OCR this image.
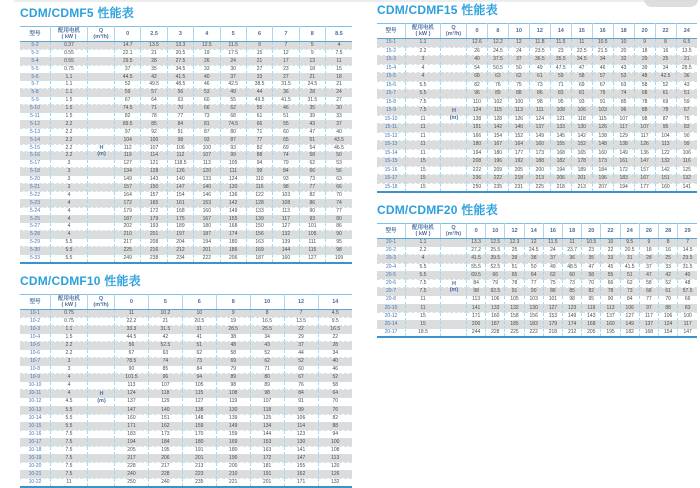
CDM/CDMF5 性能表
型号	配用电机
( kW )	Q
(m³/h)	0	2.5	3	4	5	6	7	8	8.5

5-2	0.37		14.7	13.5	13.3	12.5	11.5	9	7	5	4
5-3	0.55		22.1	21	20.5	19	17.5	15	12	9	7.5
5-4	0.55		29.5	28	27.5	26	24	21	17	13	11
5-5	0.75		37	35	34.5	33	30	27	23	18	15
5-6	1.1		44.5	42	41.5	40	37	33	27	21	18
5-7	1.1		52	49.5	48.5	46	42.5	38.5	31.5	24.5	21
5-8	1.1		59	57	56	53	49	44	36	28	24
5-9	1.5		67	64	63	60	55	49.5	41.5	31.5	27
5-10	1.5		74.5	71	70	66	62	55	46	35	30
5-11	1.5		82	78	77	73	68	61	51	39	33
5-12	2.2		89.5	85	84	81	74.5	66	55	43	37
5-13	2.2		97	92	91	87	80	71	60	47	40
5-14	2.2		104	100	98	93	87	77	65	51	43.5
5-15	2.2		112	107	106	100	93	82	69	54	46.5
5-16	2.2		119	114	112	107	99	88	74	58	50
5-17	3		127	121	118.5	113	105	94	79	62	53
5-18	3		134	128	126	120	111	99	84	66	56
5-20	3		149	143	140	133	124	110	93	73	63
5-21	3		157	150	147	140	130	116	98	77	66
5-22	4		164	157	154	146	136	122	103	82	70
5-23	4		172	165	161	153	142	128	108	86	74
5-24	4		179	172	168	160	149	133	113	90	77
5-25	4		187	179	175	167	155	139	117	93	80
5-27	4		202	193	189	180	168	150	127	101	86
5-28	4		210	201	197	187	174	156	132	105	90
5-29	5.5		217	208	204	194	180	163	139	111	95
5-30	5.5		225	216	212	201	186	169	144	115	98
5-33	5.5		249	238	234	222	206	187	160	127	109
H
(m)
CDM/CDMF10 性能表
型号	配用电机
( kW )	Q
(m³/h)	0	5	6	8	10	12	14

10-1	0.75		11	10.2	10	9	8	7	4.5
10-2	0.75		22.2	21	20.5	19	16.5	13.5	9.5
10-3	1.1		33.3	31.5	31	28.5	25.5	22	16.5
10-4	1.5		44.5	42	41	38	34	29	22
10-5	2.2		56	52.5	51	48	43	37	28
10-6	2.2		67	63	62	58	52	44	34
10-7	3		78.5	74	73	69	62	52	40
10-8	3		90	85	84	79	71	60	46
10-9	4		101.5	96	94	89	80	67	52
10-10	4		113	107	105	98	89	76	58
10-11	4		124	118	115	108	98	84	64
10-12	4.5		137	129	127	119	107	91	70
10-13	5.5		147	140	138	130	118	99	76
10-14	5.5		160	151	148	139	125	106	82
10-15	5.5		171	162	159	149	134	114	88
10-16	7.5		183	173	170	159	144	123	94
10-17	7.5		194	184	180	169	153	130	100
10-18	7.5		205	195	191	180	163	141	108
10-19	7.5		217	206	201	190	172	147	113
10-20	7.5		228	217	213	200	181	155	120
10-21	7.5		240	228	223	210	191	162	126
10-22	11		250	240	235	221	201	171	132
H
(m)
CDM/CDMF15 性能表
型号	配用电机
( kW )	Q
(m³/h)	0	8	10	12	14	15	16	18	20	22	24

15-1	1.1		12.6	12.2	12	11.8	11.5	11	10.5	10	9	8	6.5
15-2	2.2		26	24.5	24	23.5	23	22.5	21.5	20	18	16	13.5
15-3	3		40	37.5	37	36.5	35.5	34.5	34	32	29	25	21
15-4	4		54	50.5	50	49	47.5	47	46	43	39	34	28.5
15-5	4		68	63	62	61	59	58	57	53	48	42.5	36
15-6	5.5		82	76	75	73	71	69	67	63	58	52	43
15-7	5.5		96	89	88	86	83	81	79	74	68	61	51
15-8	7.5		110	102	100	98	95	93	91	85	78	69	59
15-9	7.5		124	115	113	111	108	106	103	96	88	78	67
15-10	11		138	128	126	124	121	118	115	107	98	87	75
15-11	11		151	142	140	137	133	130	126	117	107	95	83
15-12	11		166	154	152	149	145	142	138	129	117	104	90
15-13	11		180	167	164	160	155	152	148	138	126	113	99
15-14	11		194	180	177	173	168	165	160	149	136	122	106
15-15	15		208	196	192	188	182	178	173	161	147	132	116
15-16	15		222	209	205	200	194	189	184	172	157	142	125
15-17	15		236	222	218	213	206	201	196	183	167	151	132
15-18	15		250	235	231	225	218	213	207	194	177	160	141
H
(m)
CDM/CDMF20 性能表
型号	配用电机
( kW )	Q
(m³/h)	0	10	12	14	16	18	20	22	24	26	28	29

20-1	1.1		13.3	12.5	12.3	12	11.5	11	10.5	10	9.5	9	8	7
20-2	2.2		27.2	25.5	25	24.5	24	23.7	23	22	20.5	18	16	14.5
20-3	4		41.5	39.5	39	38	37	36	35	33	31	28	25	23.5
20-4	5.5		55.5	52.5	51	50	49	48.5	47	45	41.5	37	33	31.5
20-5	5.5		69.5	66	65	64	62	60	58	55	51	47	42	40
20-6	7.5		84	79	78	77	75	73	70	66	62	58	52	48
20-7	7.5		98	92.5	91	90	88	85	82	78	73	68	61	57.5
20-8	11		113	106	105	103	101	98	95	90	84	77	70	66
20-10	11		141	133	132	130	127	123	119	113	106	97	88	83
20-12	15		171	160	158	156	153	149	143	137	127	117	106	100
20-14	15		200	187	185	183	179	174	168	160	149	137	124	117
20-17	18.5		244	228	225	222	218	212	205	195	182	168	154	147
H
(m)
